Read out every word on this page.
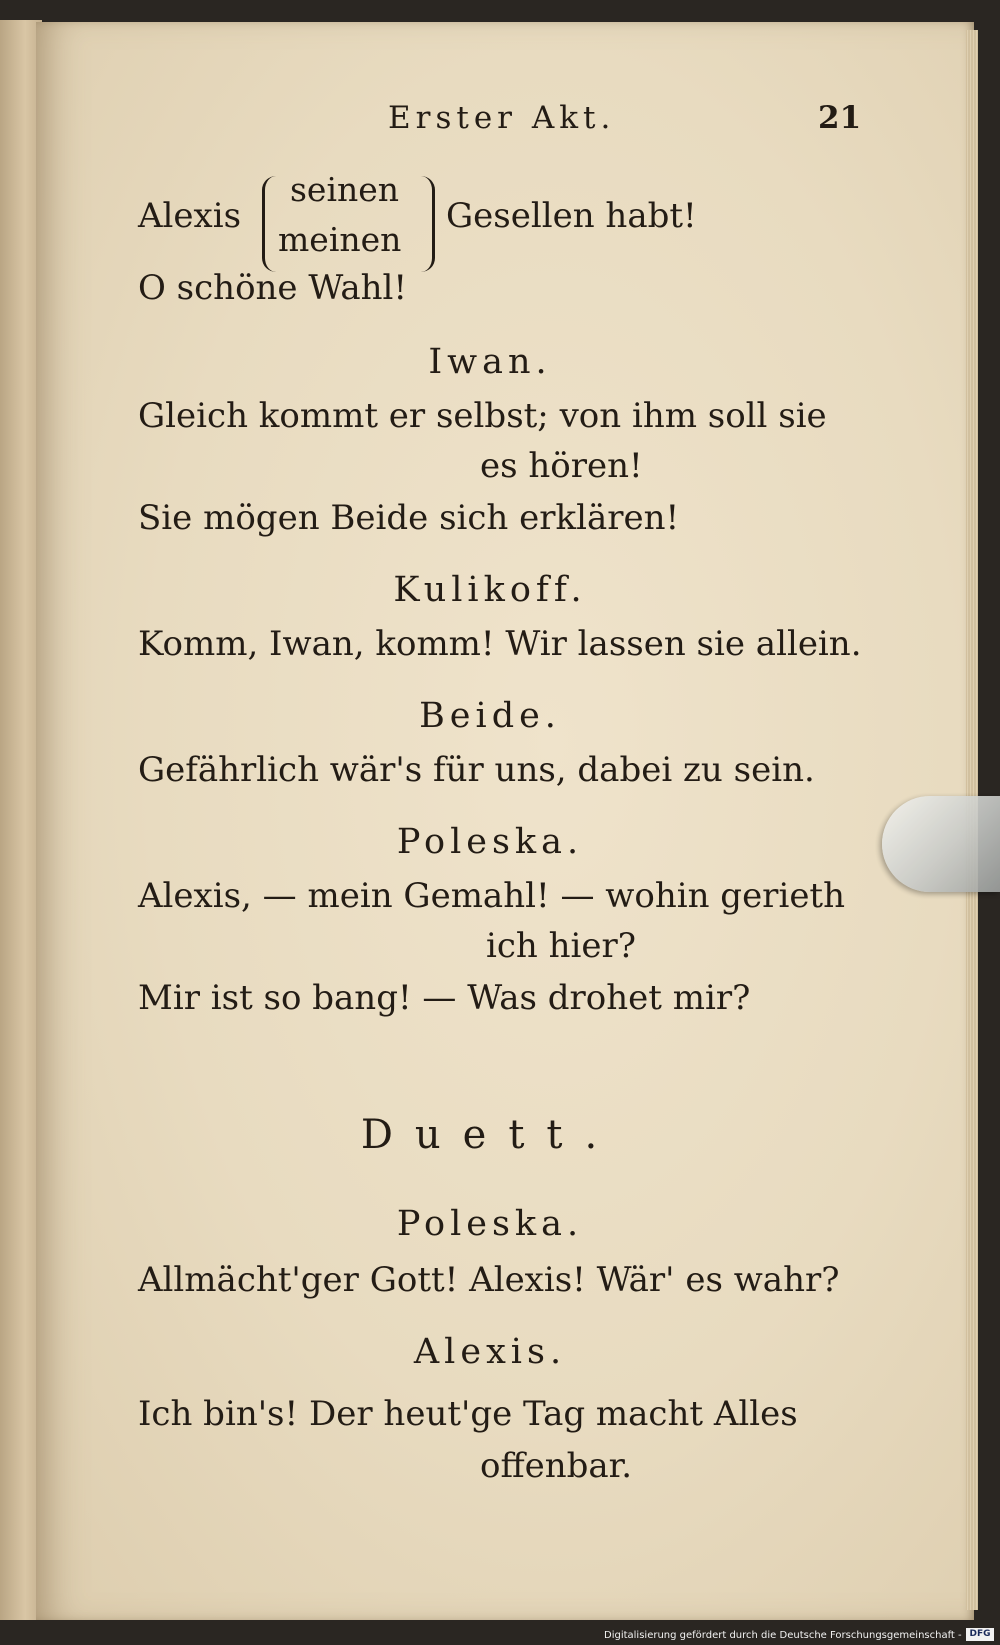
Erster Akt.	21
Alexis
seinen
meinen
Gesellen habt!
O schöne Wahl!
Iwan.
Gleich kommt er selbst; von ihm soll sie
es hören!
Sie mögen Beide sich erklären!
Kulikoff.
Komm, Iwan, komm! Wir lassen sie allein.
Beide.
Gefährlich wär's für uns, dabei zu sein.
Poleska.
Alexis, — mein Gemahl! — wohin gerieth
ich hier?
Mir ist so bang! — Was drohet mir?
Duett.
Poleska.
Allmächt'ger Gott! Alexis! Wär' es wahr?
Alexis.
Ich bin's! Der heut'ge Tag macht Alles
offenbar.
Digitalisierung gefördert durch die Deutsche Forschungsgemeinschaft - DFG
